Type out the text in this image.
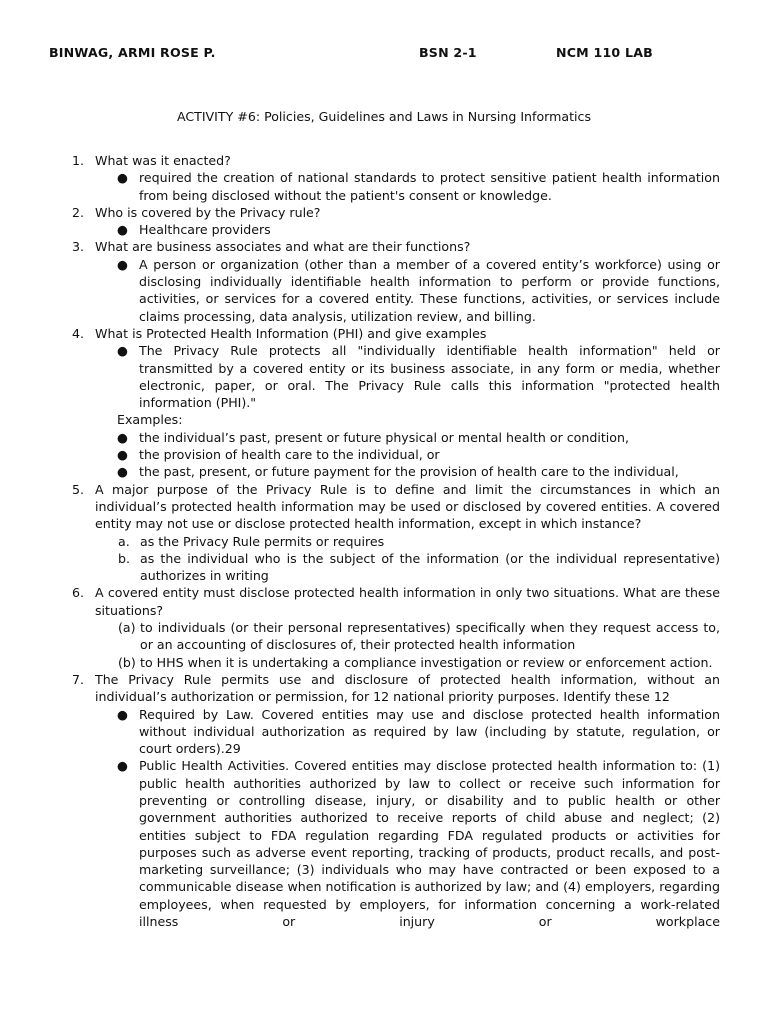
BINWAG, ARMI ROSE P.	BSN 2-1	NCM 110 LAB
ACTIVITY #6: Policies, Guidelines and Laws in Nursing Informatics
1. What was it enacted?
● required the creation of national standards to protect sensitive patient health information from being disclosed without the patient's consent or knowledge.
2. Who is covered by the Privacy rule?
● Healthcare providers
3. What are business associates and what are their functions?
● A person or organization (other than a member of a covered entity’s workforce) using or disclosing individually identifiable health information to perform or provide functions, activities, or services for a covered entity. These functions, activities, or services include claims processing, data analysis, utilization review, and billing.
4. What is Protected Health Information (PHI) and give examples
● The Privacy Rule protects all "individually identifiable health information" held or transmitted by a covered entity or its business associate, in any form or media, whether electronic, paper, or oral. The Privacy Rule calls this information "protected health information (PHI)."
Examples:
● the individual’s past, present or future physical or mental health or condition,
● the provision of health care to the individual, or
● the past, present, or future payment for the provision of health care to the individual,
5. A major purpose of the Privacy Rule is to define and limit the circumstances in which an individual’s protected health information may be used or disclosed by covered entities. A covered entity may not use or disclose protected health information, except in which instance?
a. as the Privacy Rule permits or requires
b. as the individual who is the subject of the information (or the individual representative) authorizes in writing
6. A covered entity must disclose protected health information in only two situations. What are these situations?
(a) to individuals (or their personal representatives) specifically when they request access to, or an accounting of disclosures of, their protected health information
(b) to HHS when it is undertaking a compliance investigation or review or enforcement action.
7. The Privacy Rule permits use and disclosure of protected health information, without an individual’s authorization or permission, for 12 national priority purposes. Identify these 12
● Required by Law. Covered entities may use and disclose protected health information without individual authorization as required by law (including by statute, regulation, or court orders).29
● Public Health Activities. Covered entities may disclose protected health information to: (1) public health authorities authorized by law to collect or receive such information for preventing or controlling disease, injury, or disability and to public health or other government authorities authorized to receive reports of child abuse and neglect; (2) entities subject to FDA regulation regarding FDA regulated products or activities for purposes such as adverse event reporting, tracking of products, product recalls, and post-marketing surveillance; (3) individuals who may have contracted or been exposed to a communicable disease when notification is authorized by law; and (4) employers, regarding employees, when requested by employers, for information concerning a work-related illness or injury or workplace
